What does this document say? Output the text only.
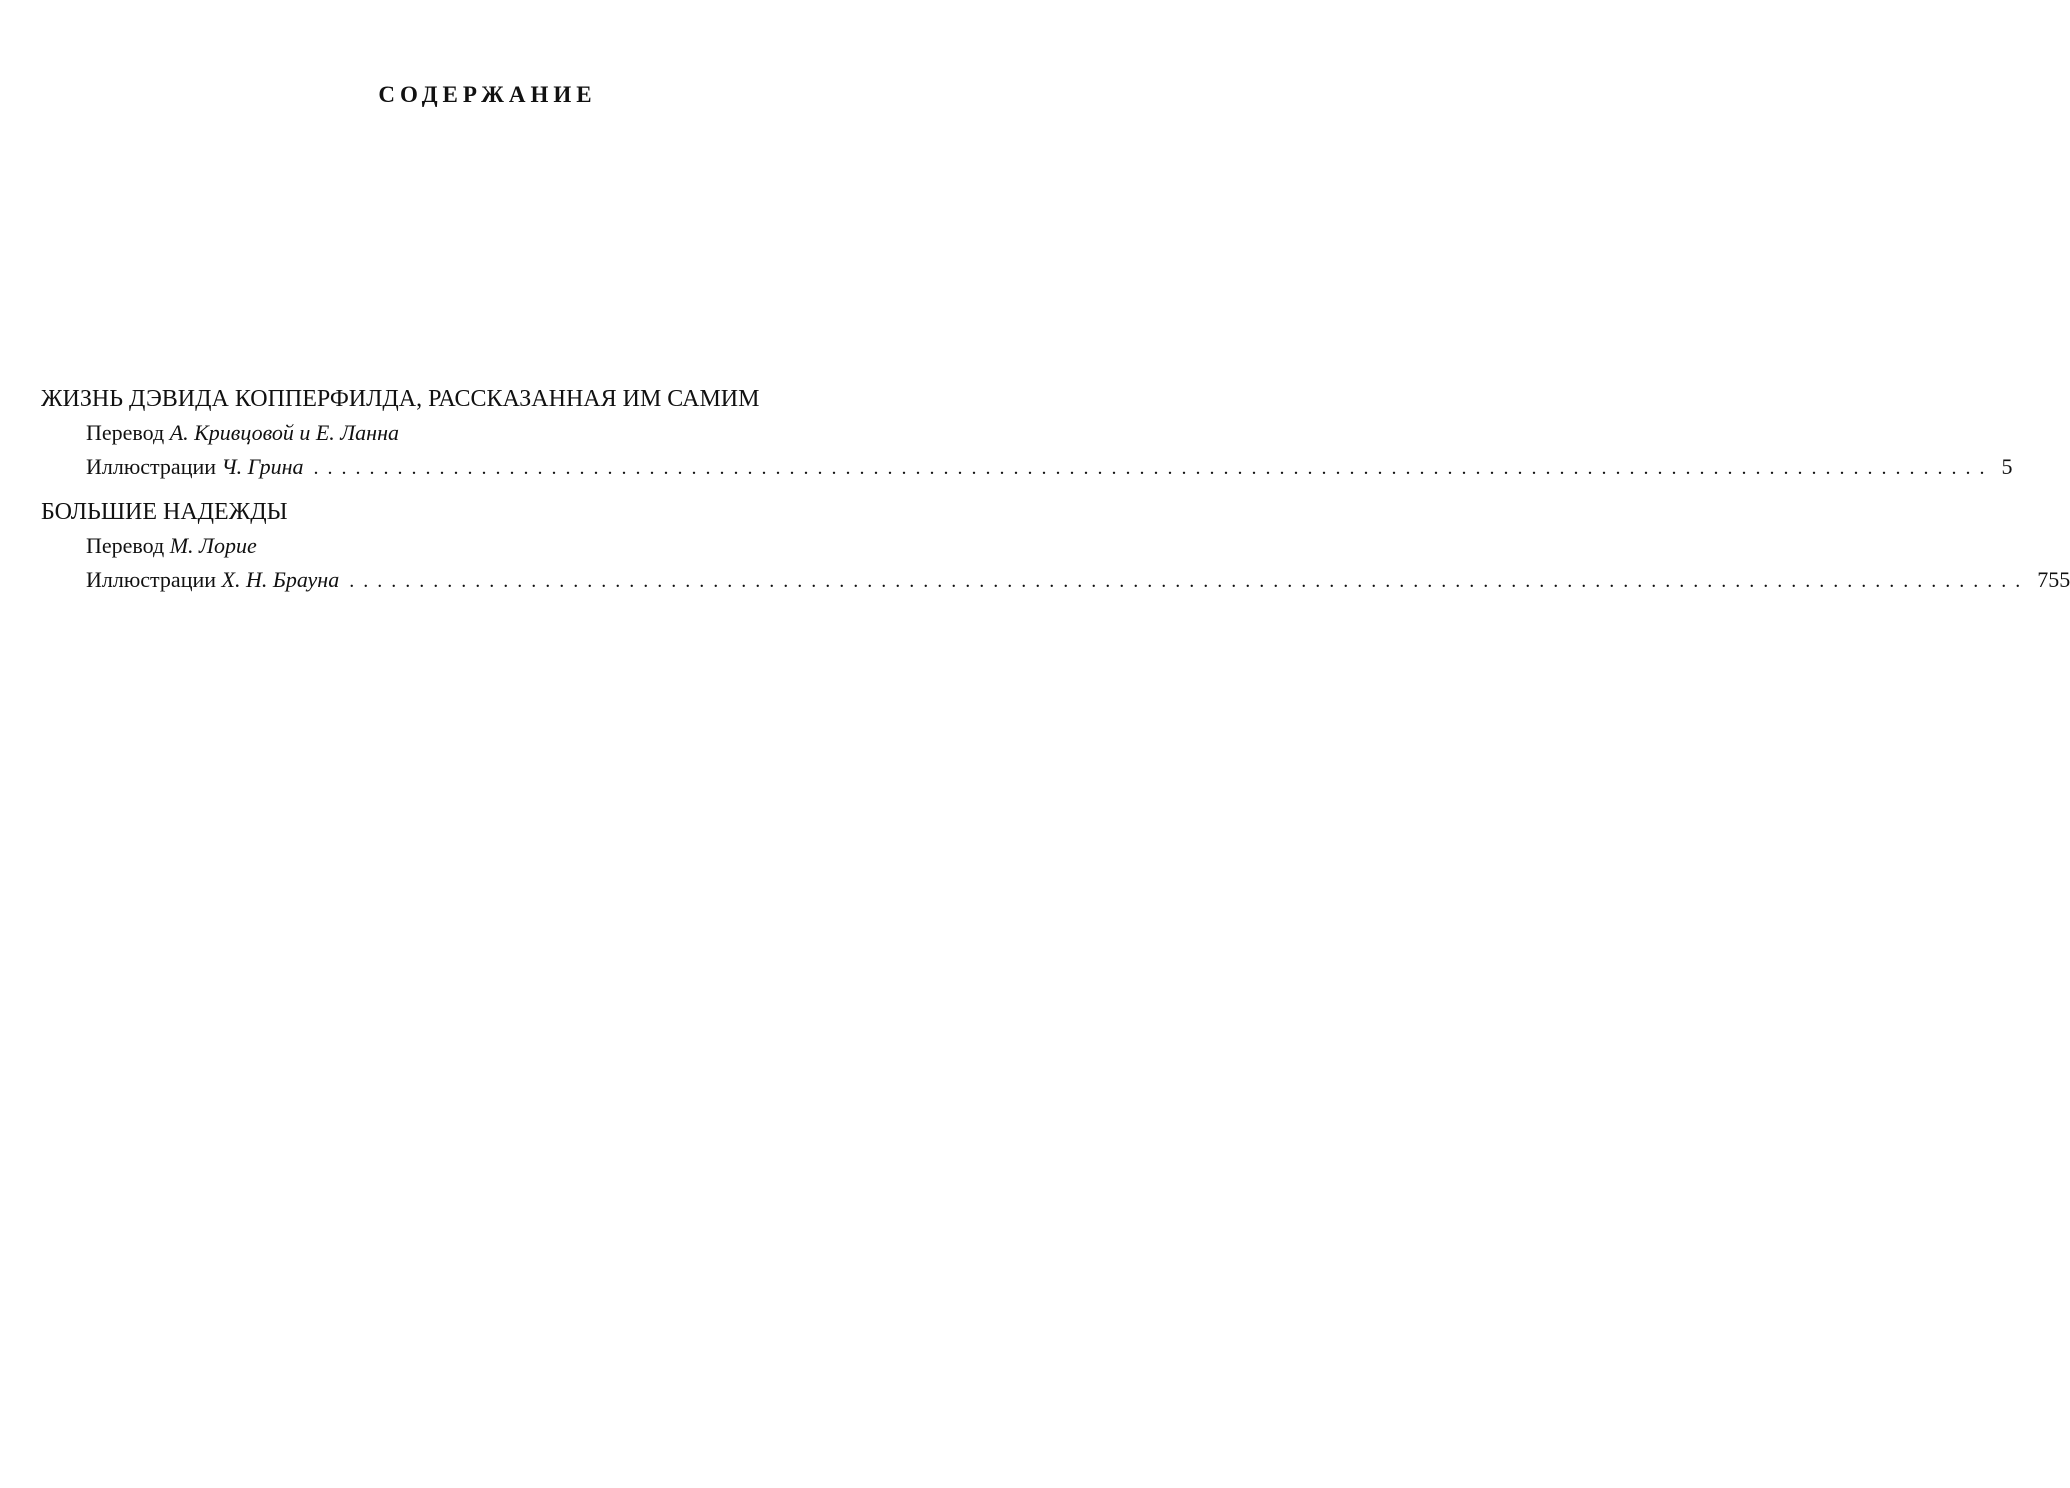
СОДЕРЖАНИЕ
ЖИЗНЬ ДЭВИДА КОППЕРФИЛДА, РАССКАЗАННАЯ ИМ САМИМ
Перевод А. Кривцовой и Е. Ланна
Иллюстрации Ч. Грина ........................................................................................................................ 5
БОЛЬШИЕ НАДЕЖДЫ
Перевод М. Лорие
Иллюстрации Х. Н. Брауна ........................................................................................................................ 755
